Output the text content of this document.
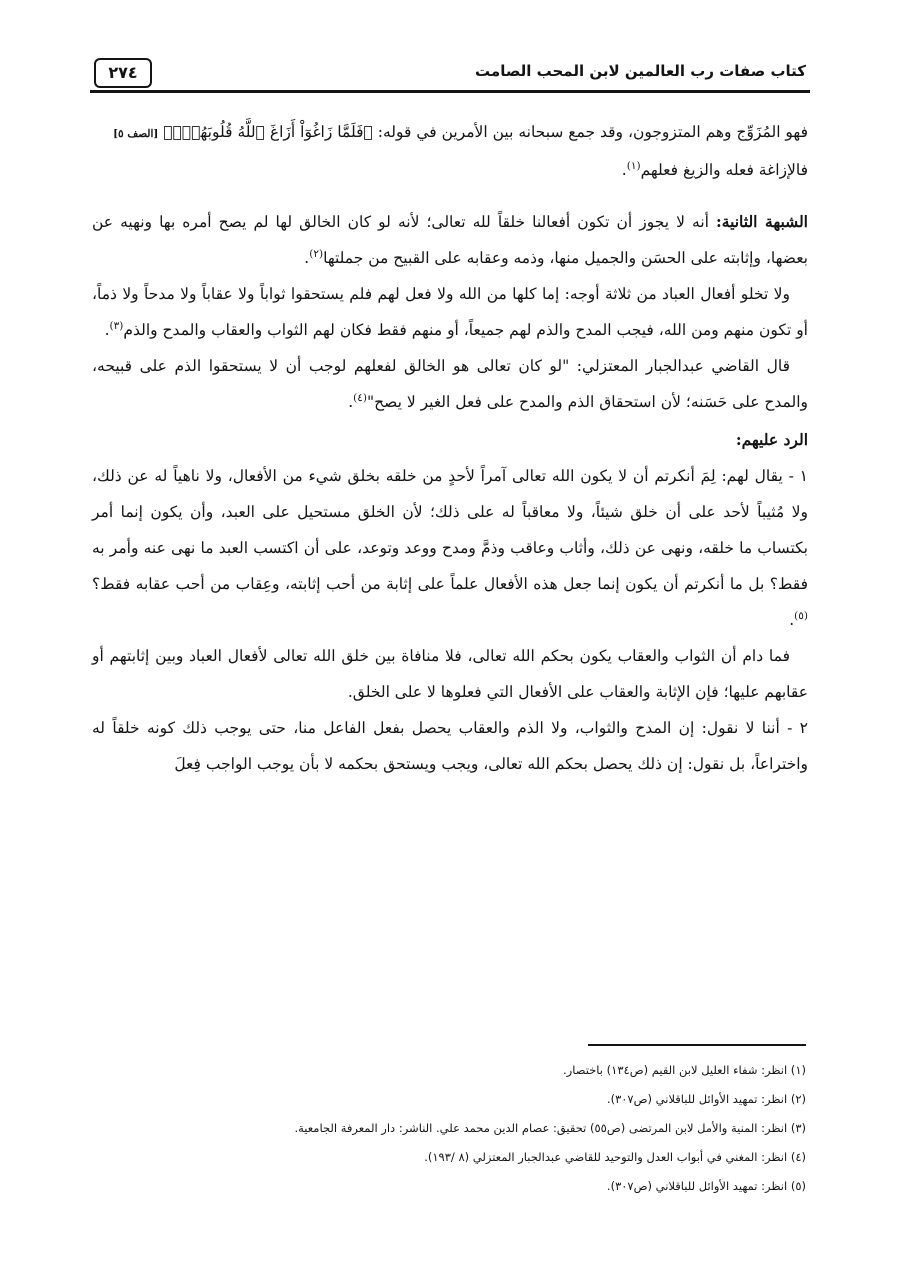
كتاب صفات رب العالمين لابن المحب الصامت
٢٧٤

فهو المُزَوِّج وهم المتزوجون، وقد جمع سبحانه بين الأمرين في قوله: ﴿فَلَمَّا زَاغُوٓاْ أَزَاغَ ٱللَّهُ قُلُوبَهُمْۚ﴾ [الصف ٥]

فالإزاغة فعله والزيغ فعلهم$^{(١)}$.

الشبهة الثانية: أنه لا يجوز أن تكون أفعالنا خلقاً لله تعالى؛ لأنه لو كان الخالق لها لم يصح أمره بها ونهيه عن بعضها، وإثابته على الحسَن والجميل منها، وذمه وعقابه على القبيح من جملتها$^{(٢)}$.

ولا تخلو أفعال العباد من ثلاثة أوجه: إما كلها من الله ولا فعل لهم فلم يستحقوا ثواباً ولا عقاباً ولا مدحاً ولا ذماً، أو تكون منهم ومن الله، فيجب المدح والذم لهم جميعاً، أو منهم فقط فكان لهم الثواب والعقاب والمدح والذم$^{(٣)}$.

قال القاضي عبدالجبار المعتزلي: "لو كان تعالى هو الخالق لفعلهم لوجب أن لا يستحقوا الذم على قبيحه، والمدح على حَسَنه؛ لأن استحقاق الذم والمدح على فعل الغير لا يصح"$^{(٤)}$.

الرد عليهم:

١ - يقال لهم: لِمَ أنكرتم أن لا يكون الله تعالى آمراً لأحدٍ من خلقه بخلق شيء من الأفعال، ولا ناهياً له عن ذلك، ولا مُثيباً لأحد على أن خلق شيئاً، ولا معاقباً له على ذلك؛ لأن الخلق مستحيل على العبد، وأن يكون إنما أمر بكتساب ما خلقه، ونهى عن ذلك، وأثاب وعاقب وذمَّ ومدح ووعد وتوعد، على أن اكتسب العبد ما نهى عنه وأمر به فقط؟ بل ما أنكرتم أن يكون إنما جعل هذه الأفعال علماً على إثابة من أحب إثابته، وعِقاب من أحب عقابه فقط؟$^{(٥)}$.

فما دام أن الثواب والعقاب يكون بحكم الله تعالى، فلا منافاة بين خلق الله تعالى لأفعال العباد وبين إثابتهم أو عقابهم عليها؛ فإن الإثابة والعقاب على الأفعال التي فعلوها لا على الخلق.

٢ - أننا لا نقول: إن المدح والثواب، ولا الذم والعقاب يحصل بفعل الفاعل منا، حتى يوجب ذلك كونه خلقاً له واختراعاً، بل نقول: إن ذلك يحصل بحكم الله تعالى، ويجب ويستحق بحكمه لا بأن يوجب الواجب فِعلَ

(١) انظر: شفاء العليل لابن القيم (ص١٣٤) باختصار.
(٢) انظر: تمهيد الأوائل للباقلاني (ص٣٠٧).
(٣) انظر: المنية والأمل لابن المرتضى (ص٥٥) تحقيق: عصام الدين محمد علي. الناشر: دار المعرفة الجامعية.
(٤) انظر: المغني في أبواب العدل والتوحيد للقاضي عبدالجبار المعتزلي (٨ /١٩٣).
(٥) انظر: تمهيد الأوائل للباقلاني (ص٣٠٧).
